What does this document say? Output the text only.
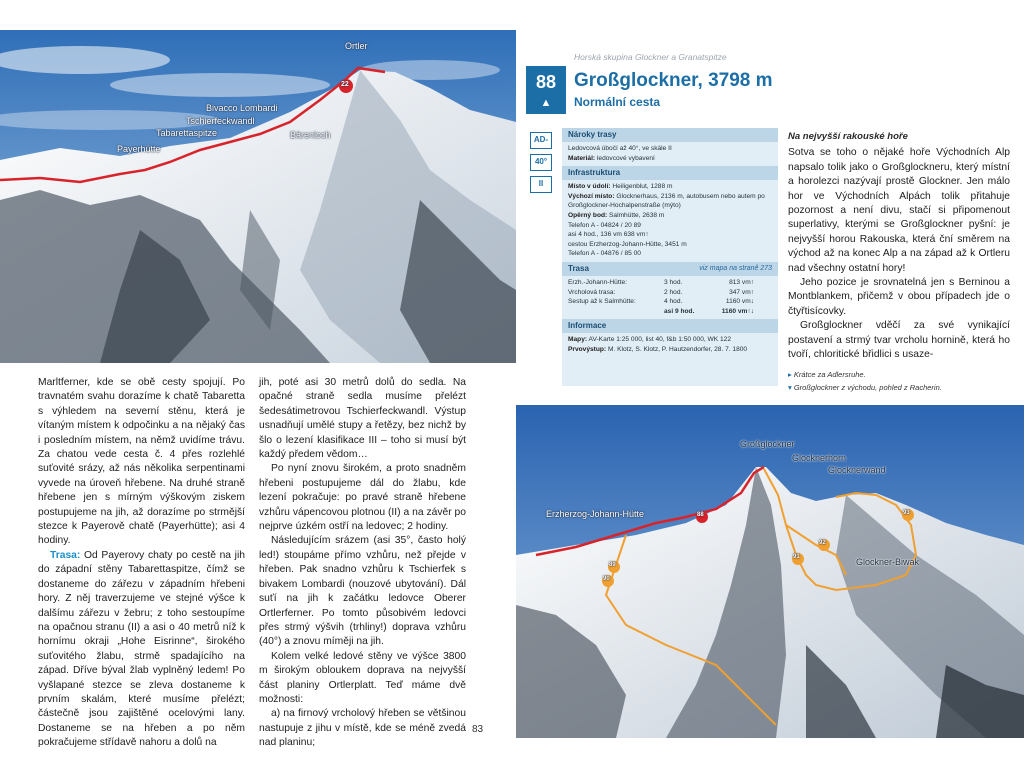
Ortler
Bivacco Lombardi
Tschierfeckwandl
Tabarettaspitze
Payerhütte
Bärenloch
22

Marltferner, kde se obě cesty spojují. Po travnatém svahu dorazíme k chatě Tabaretta s výhledem na severní stěnu, která je vítaným místem k odpočinku a na nějaký čas i posledním místem, na němž uvidíme trávu. Za chatou vede cesta č. 4 přes rozlehlé suťovité srázy, až nás několika serpentinami vyvede na úroveň hřebene. Na druhé straně hřebene jen s mírným výškovým ziskem postupujeme na jih, až dorazíme po strmější stezce k Payerově chatě (Payerhütte); asi 4 hodiny.

Trasa: Od Payerovy chaty po cestě na jih do západní stěny Tabarettaspitze, čímž se dostaneme do zářezu v západním hřebeni hory. Z něj traverzujeme ve stejné výšce k dalšímu zářezu v žebru; z toho sestoupíme na opačnou stranu (II) a asi o 40 metrů níž k hornímu okraji „Hohe Eisrinne“, širokého suťovitého žlabu, strmě spadajícího na západ. Dříve býval žlab vyplněný ledem! Po vyšlapané stezce se zleva dostaneme k prvním skalám, které musíme přelézt; částečně jsou zajištěné ocelovými lany. Dostaneme se na hřeben a po něm pokračujeme střídavě nahoru a dolů na

jih, poté asi 30 metrů dolů do sedla. Na opačné straně sedla musíme přelézt šedesátimetrovou Tschierfeckwandl. Výstup usnadňují umělé stupy a řetězy, bez nichž by šlo o lezení klasifikace III – toho si musí být každý předem vědom…

Po nyní znovu širokém, a proto snadněm hřebeni postupujeme dál do žlabu, kde lezení pokračuje: po pravé straně hřebene vzhůru vápencovou plotnou (II) a na závěr po nejprve úzkém ostří na ledovec; 2 hodiny.

Následujícím srázem (asi 35°, často holý led!) stoupáme přímo vzhůru, než přejde v hřeben. Pak snadno vzhůru k Tschierfek s bivakem Lombardi (nouzové ubytování). Dál suťí na jih k začátku ledovce Oberer Ortlerferner. Po tomto působivém ledovci přes strmý výšvih (trhliny!) doprava vzhůru (40°) a znovu míměji na jih.

Kolem velké ledové stěny ve výšce 3800 m širokým obloukem doprava na nejvyšší část planiny Ortlerplatt. Teď máme dvě možnosti:

a) na firnový vrcholový hřeben se většinou nastupuje z jihu v místě, kde se méně zvedá nad planinu;

83
88
▲
Horská skupina Glockner a Granatspitze
Großglockner, 3798 m
Normální cesta
AD-
40°
II
Nároky trasy
Ledovcová úbočí až 40°, ve skále II
Materiál: ledovcové vybavení
Infrastruktura
Místo v údolí: Heiligenblut, 1288 m
Výchozí místo: Glocknerhaus, 2136 m, autobusem nebo autem po Großglockner-Hochalpenstraße (mýto)
Opěrný bod: Salmhütte, 2638 m
Telefon A - 04824 / 20 89
asi 4 hod., 136 vm 638 vm↑
cestou Erzherzog-Johann-Hütte, 3451 m
Telefon A - 04876 / 85 00
Trasa	viz mapa na straně 273
Erzh.-Johann-Hütte:	3 hod.	813 vm↑
Vrcholová trasa:	2 hod.	347 vm↑
Sestup až k Salmhütte:	4 hod.	1160 vm↓
asi 9 hod.	1160 vm↑↓
Informace
Mapy: AV-Karte 1:25 000, list 40, f&b 1:50 000, WK 122
Prvovýstup: M. Klotz, S. Klotz, P. Hautzendorfer, 28. 7. 1800
Na nejvyšší rakouské hoře

Sotva se toho o nějaké hoře Východních Alp napsalo tolik jako o Großglockneru, který místní a horolezci nazývají prostě Glockner. Jen málo hor ve Východních Alpách tolik přitahuje pozornost a není divu, stačí si připomenout superlativy, kterými se Großglockner pyšní: je nejvyšší horou Rakouska, která ční směrem na východ až na konec Alp a na západ až k Ortleru nad všechny ostatní hory!

Jeho pozice je srovnatelná jen s Berninou a Montblankem, přičemž v obou případech jde o čtyřtisícovky.

Großglockner vděčí za své vynikající postavení a strmý tvar vrcholu hornině, která ho tvoří, chloritické břidlici s usaze-

▸ Krátce za Adlersruhe.
▾ Großglockner z východu, pohled z Racherin.
Großglockner
Glocknerhorn
Glocknerwand
Erzherzog-Johann-Hütte
Glockner-Biwak
88
89
90
91
92
93
